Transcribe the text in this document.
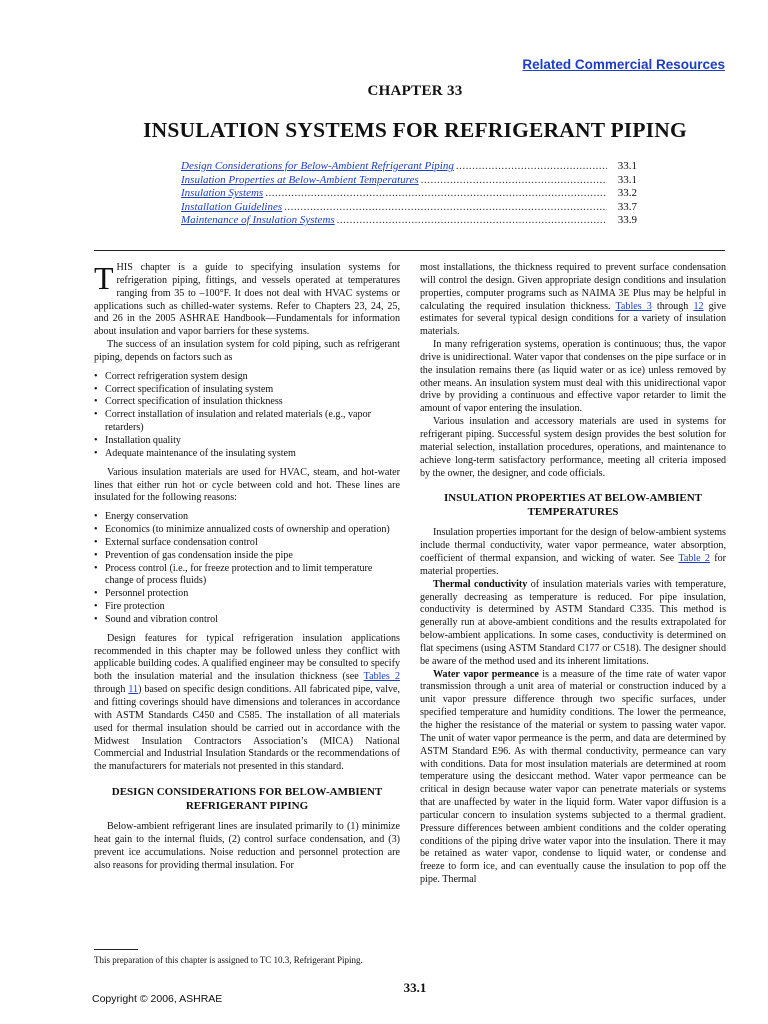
Related Commercial Resources
CHAPTER 33
INSULATION SYSTEMS FOR REFRIGERANT PIPING
Design Considerations for Below-Ambient Refrigerant Piping .....	33.1
Insulation Properties at Below-Ambient Temperatures .....	33.1
Insulation Systems .....	33.2
Installation Guidelines .....	33.7
Maintenance of Insulation Systems .....	33.9

THIS chapter is a guide to specifying insulation systems for refrigeration piping, fittings, and vessels operated at temperatures ranging from 35 to –100°F. It does not deal with HVAC systems or applications such as chilled-water systems. Refer to Chapters 23, 24, 25, and 26 in the 2005 ASHRAE Handbook—Fundamentals for information about insulation and vapor barriers for these systems.

The success of an insulation system for cold piping, such as refrigerant piping, depends on factors such as

• Correct refrigeration system design
• Correct specification of insulating system
• Correct specification of insulation thickness
• Correct installation of insulation and related materials (e.g., vapor retarders)
• Installation quality
• Adequate maintenance of the insulating system

Various insulation materials are used for HVAC, steam, and hot-water lines that either run hot or cycle between cold and hot. These lines are insulated for the following reasons:

• Energy conservation
• Economics (to minimize annualized costs of ownership and operation)
• External surface condensation control
• Prevention of gas condensation inside the pipe
• Process control (i.e., for freeze protection and to limit temperature change of process fluids)
• Personnel protection
• Fire protection
• Sound and vibration control

Design features for typical refrigeration insulation applications recommended in this chapter may be followed unless they conflict with applicable building codes. A qualified engineer may be consulted to specify both the insulation material and the insulation thickness (see Tables 2 through 11) based on specific design conditions. All fabricated pipe, valve, and fitting coverings should have dimensions and tolerances in accordance with ASTM Standards C450 and C585. The installation of all materials used for thermal insulation should be carried out in accordance with the Midwest Insulation Contractors Association’s (MICA) National Commercial and Industrial Insulation Standards or the recommendations of the manufacturers for materials not presented in this standard.

DESIGN CONSIDERATIONS FOR BELOW-AMBIENT REFRIGERANT PIPING

Below-ambient refrigerant lines are insulated primarily to (1) minimize heat gain to the internal fluids, (2) control surface condensation, and (3) prevent ice accumulations. Noise reduction and personnel protection are also reasons for providing thermal insulation. For

most installations, the thickness required to prevent surface condensation will control the design. Given appropriate design conditions and insulation properties, computer programs such as NAIMA 3E Plus may be helpful in calculating the required insulation thickness. Tables 3 through 12 give estimates for several typical design conditions for a variety of insulation materials.

In many refrigeration systems, operation is continuous; thus, the vapor drive is unidirectional. Water vapor that condenses on the pipe surface or in the insulation remains there (as liquid water or as ice) unless removed by other means. An insulation system must deal with this unidirectional vapor drive by providing a continuous and effective vapor retarder to limit the amount of vapor entering the insulation.

Various insulation and accessory materials are used in systems for refrigerant piping. Successful system design provides the best solution for material selection, installation procedures, operations, and maintenance to achieve long-term satisfactory performance, meeting all criteria imposed by the owner, the designer, and code officials.

INSULATION PROPERTIES AT BELOW-AMBIENT TEMPERATURES

Insulation properties important for the design of below-ambient systems include thermal conductivity, water vapor permeance, water absorption, coefficient of thermal expansion, and wicking of water. See Table 2 for material properties.

Thermal conductivity of insulation materials varies with temperature, generally decreasing as temperature is reduced. For pipe insulation, conductivity is determined by ASTM Standard C335. This method is generally run at above-ambient conditions and the results extrapolated for below-ambient applications. In some cases, conductivity is determined on flat specimens (using ASTM Standard C177 or C518). The designer should be aware of the method used and its inherent limitations.

Water vapor permeance is a measure of the time rate of water vapor transmission through a unit area of material or construction induced by a unit vapor pressure difference through two specific surfaces, under specified temperature and humidity conditions. The lower the permeance, the higher the resistance of the material or system to passing water vapor. The unit of water vapor permeance is the perm, and data are determined by ASTM Standard E96. As with thermal conductivity, permeance can vary with conditions. Data for most insulation materials are determined at room temperature using the desiccant method. Water vapor permeance can be critical in design because water vapor can penetrate materials or systems that are unaffected by water in the liquid form. Water vapor diffusion is a particular concern to insulation systems subjected to a thermal gradient. Pressure differences between ambient conditions and the colder operating conditions of the piping drive water vapor into the insulation. There it may be retained as water vapor, condense to liquid water, or condense and freeze to form ice, and can eventually cause the insulation to pop off the pipe. Thermal

This preparation of this chapter is assigned to TC 10.3, Refrigerant Piping.
33.1
Copyright © 2006, ASHRAE
